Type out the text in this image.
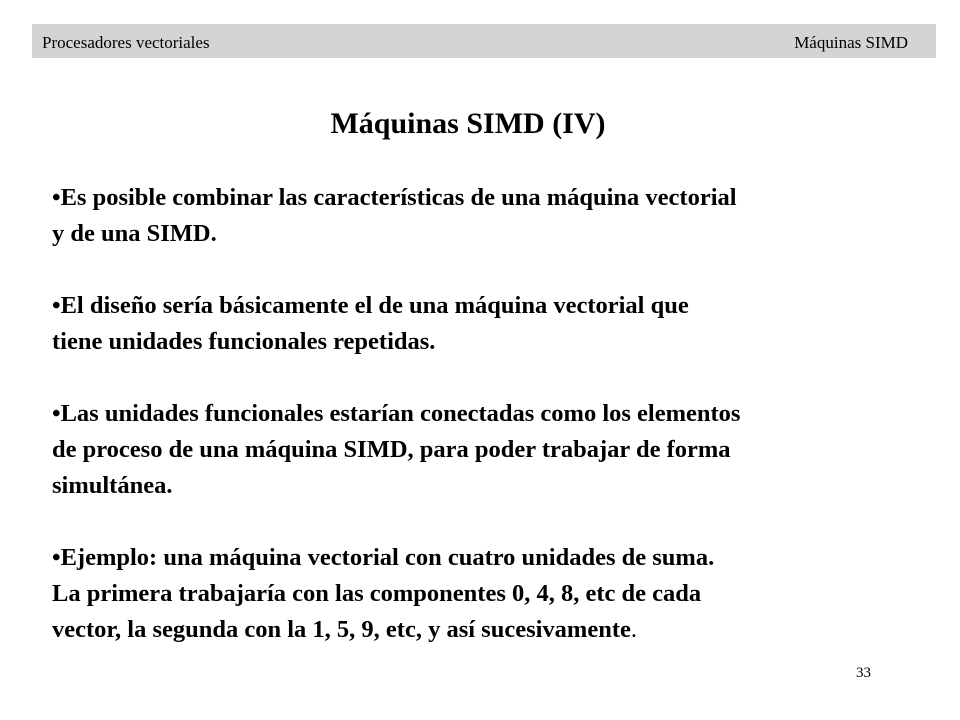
Procesadores vectoriales	Máquinas SIMD
Máquinas SIMD (IV)

•Es posible combinar las características de una máquina vectorial
y de una SIMD.

•El diseño sería básicamente el de una máquina vectorial que
tiene unidades funcionales repetidas.

•Las unidades funcionales estarían conectadas como los elementos
de proceso de una máquina SIMD, para poder trabajar de forma
simultánea.

•Ejemplo: una máquina vectorial con cuatro unidades de suma.
La primera trabajaría con las componentes 0, 4, 8, etc de cada
vector, la segunda con la 1, 5, 9, etc, y así sucesivamente.

33
